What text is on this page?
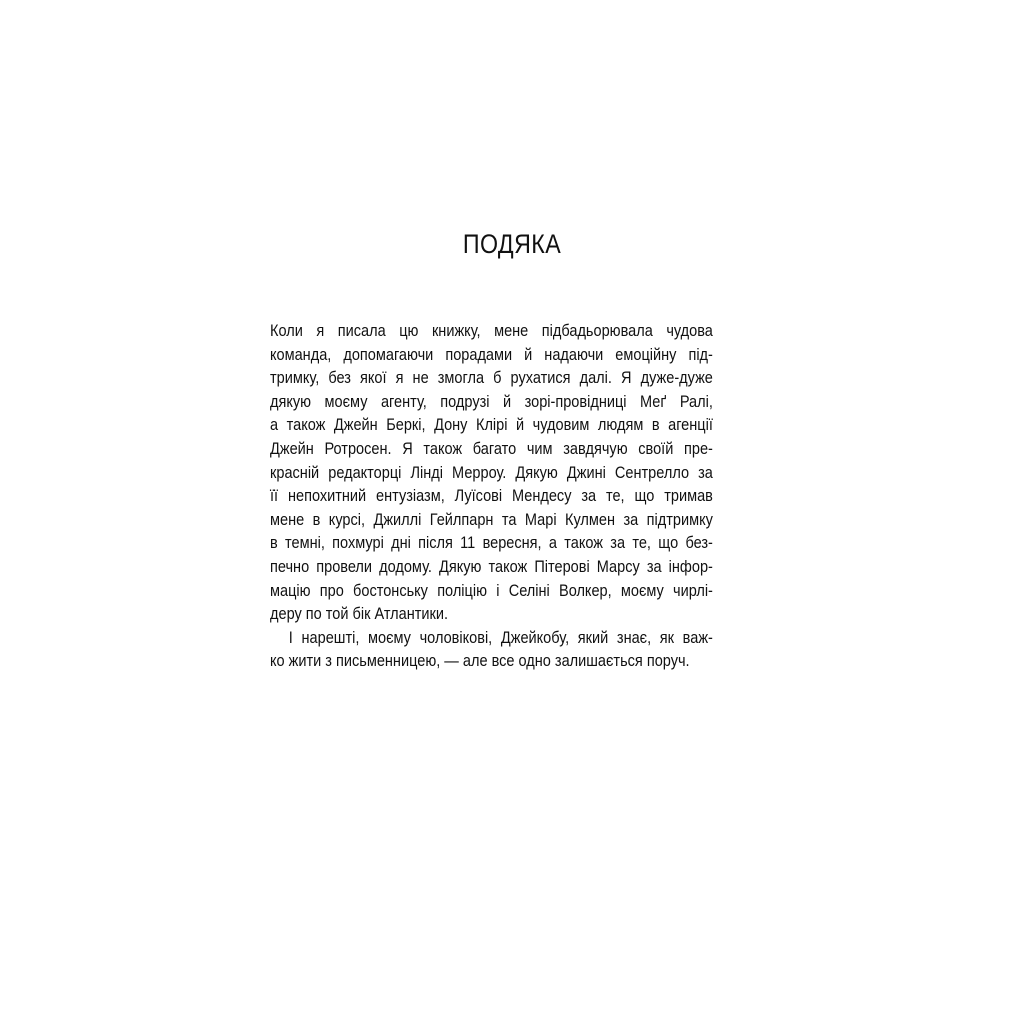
ПОДЯКА
Коли я писала цю книжку, мене підбадьорювала чудова
команда, допомагаючи порадами й надаючи емоційну під-
тримку, без якої я не змогла б рухатися далі. Я дуже-дуже
дякую моєму агенту, подрузі й зорі-провідниці Меґ Ралі,
а також Джейн Беркі, Дону Клірі й чудовим людям в агенції
Джейн Ротросен. Я також багато чим завдячую своїй пре-
красній редакторці Лінді Мерроу. Дякую Джині Сентрелло за
її непохитний ентузіазм, Луїсові Мендесу за те, що тримав
мене в курсі, Джиллі Гейлпарн та Марі Кулмен за підтримку
в темні, похмурі дні після 11 вересня, а також за те, що без-
печно провели додому. Дякую також Пітерові Марсу за інфор-
мацію про бостонську поліцію і Селіні Волкер, моєму чирлі-
деру по той бік Атлантики.
І нарешті, моєму чоловікові, Джейкобу, який знає, як важ-
ко жити з письменницею, — але все одно залишається поруч.
